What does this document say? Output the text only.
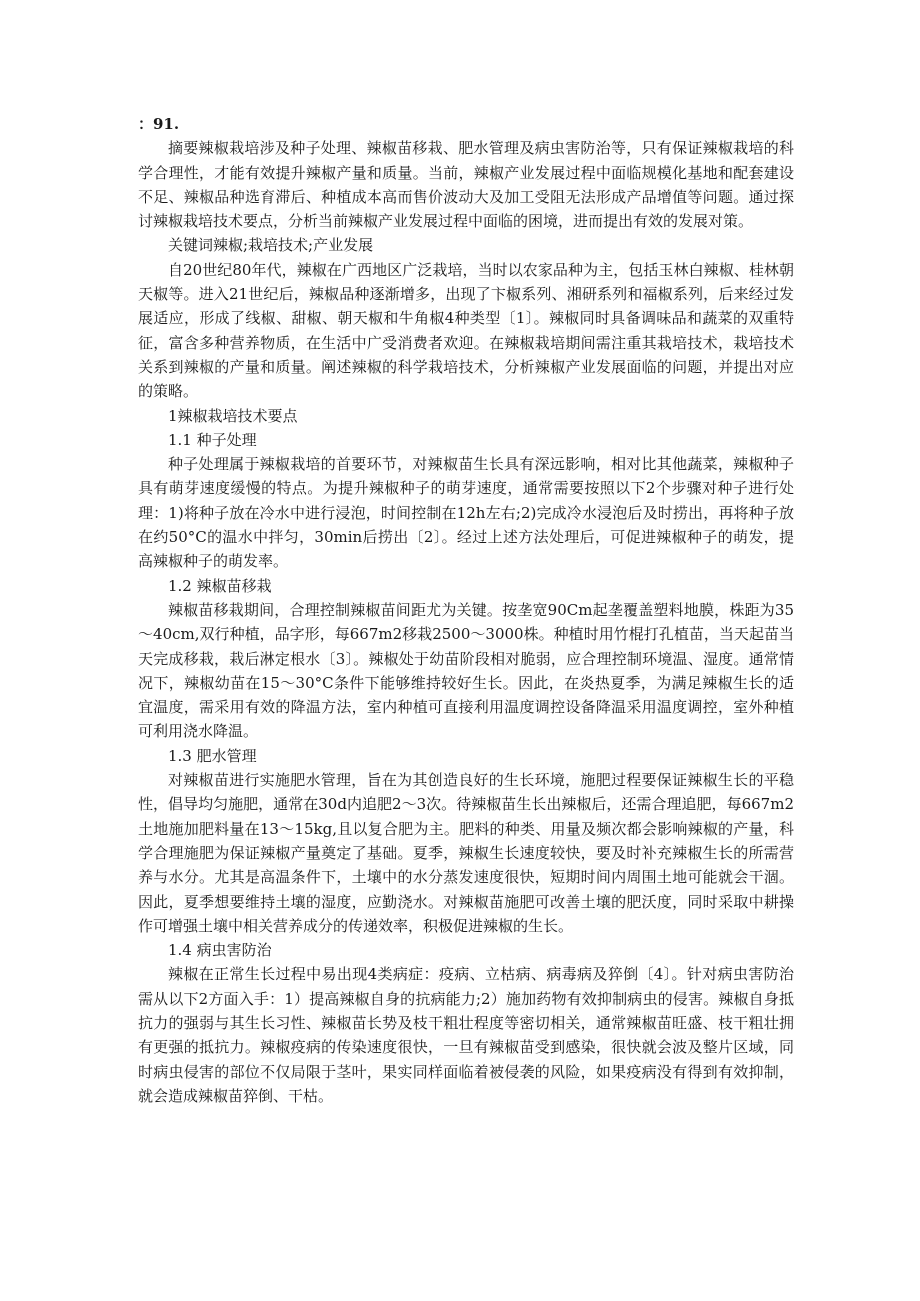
：91.

摘要辣椒栽培涉及种子处理、辣椒苗移栽、肥水管理及病虫害防治等，只有保证辣椒栽培的科学合理性，才能有效提升辣椒产量和质量。当前，辣椒产业发展过程中面临规模化基地和配套建设不足、辣椒品种选育滞后、种植成本高而售价波动大及加工受阻无法形成产品增值等问题。通过探讨辣椒栽培技术要点，分析当前辣椒产业发展过程中面临的困境，进而提出有效的发展对策。

关键词辣椒;栽培技术;产业发展

自20世纪80年代，辣椒在广西地区广泛栽培，当时以农家品种为主，包括玉林白辣椒、桂林朝天椒等。进入21世纪后，辣椒品种逐渐增多，出现了卞椒系列、湘研系列和福椒系列，后来经过发展适应，形成了线椒、甜椒、朝天椒和牛角椒4种类型〔1〕。辣椒同时具备调味品和蔬菜的双重特征，富含多种营养物质，在生活中广受消费者欢迎。在辣椒栽培期间需注重其栽培技术，栽培技术关系到辣椒的产量和质量。阐述辣椒的科学栽培技术，分析辣椒产业发展面临的问题，并提出对应的策略。

1辣椒栽培技术要点

1.1 种子处理

种子处理属于辣椒栽培的首要环节，对辣椒苗生长具有深远影响，相对比其他蔬菜，辣椒种子具有萌芽速度缓慢的特点。为提升辣椒种子的萌芽速度，通常需要按照以下2个步骤对种子进行处理：1)将种子放在冷水中进行浸泡，时间控制在12h左右;2)完成冷水浸泡后及时捞出，再将种子放在约50°C的温水中拌匀，30min后捞出〔2〕。经过上述方法处理后，可促进辣椒种子的萌发，提高辣椒种子的萌发率。

1.2 辣椒苗移栽

辣椒苗移栽期间，合理控制辣椒苗间距尤为关键。按垄宽90Cm起垄覆盖塑料地膜，株距为35～40cm,双行种植，品字形，每667m2移栽2500～3000株。种植时用竹棍打孔植苗，当天起苗当天完成移栽，栽后淋定根水〔3〕。辣椒处于幼苗阶段相对脆弱，应合理控制环境温、湿度。通常情况下，辣椒幼苗在15～30°C条件下能够维持较好生长。因此，在炎热夏季，为满足辣椒生长的适宜温度，需采用有效的降温方法，室内种植可直接利用温度调控设备降温采用温度调控，室外种植可利用浇水降温。

1.3 肥水管理

对辣椒苗进行实施肥水管理，旨在为其创造良好的生长环境，施肥过程要保证辣椒生长的平稳性，倡导均匀施肥，通常在30d内追肥2～3次。待辣椒苗生长出辣椒后，还需合理追肥，每667m2土地施加肥料量在13～15kg,且以复合肥为主。肥料的种类、用量及频次都会影响辣椒的产量，科学合理施肥为保证辣椒产量奠定了基础。夏季，辣椒生长速度较快，要及时补充辣椒生长的所需营养与水分。尤其是高温条件下，土壤中的水分蒸发速度很快，短期时间内周围土地可能就会干涸。因此，夏季想要维持土壤的湿度，应勤浇水。对辣椒苗施肥可改善土壤的肥沃度，同时采取中耕操作可增强土壤中相关营养成分的传递效率，积极促进辣椒的生长。

1.4 病虫害防治

辣椒在正常生长过程中易出现4类病症：疫病、立枯病、病毒病及猝倒〔4〕。针对病虫害防治需从以下2方面入手：1）提高辣椒自身的抗病能力;2）施加药物有效抑制病虫的侵害。辣椒自身抵抗力的强弱与其生长习性、辣椒苗长势及枝干粗壮程度等密切相关，通常辣椒苗旺盛、枝干粗壮拥有更强的抵抗力。辣椒疫病的传染速度很快，一旦有辣椒苗受到感染，很快就会波及整片区域，同时病虫侵害的部位不仅局限于茎叶，果实同样面临着被侵袭的风险，如果疫病没有得到有效抑制，就会造成辣椒苗猝倒、干枯。
